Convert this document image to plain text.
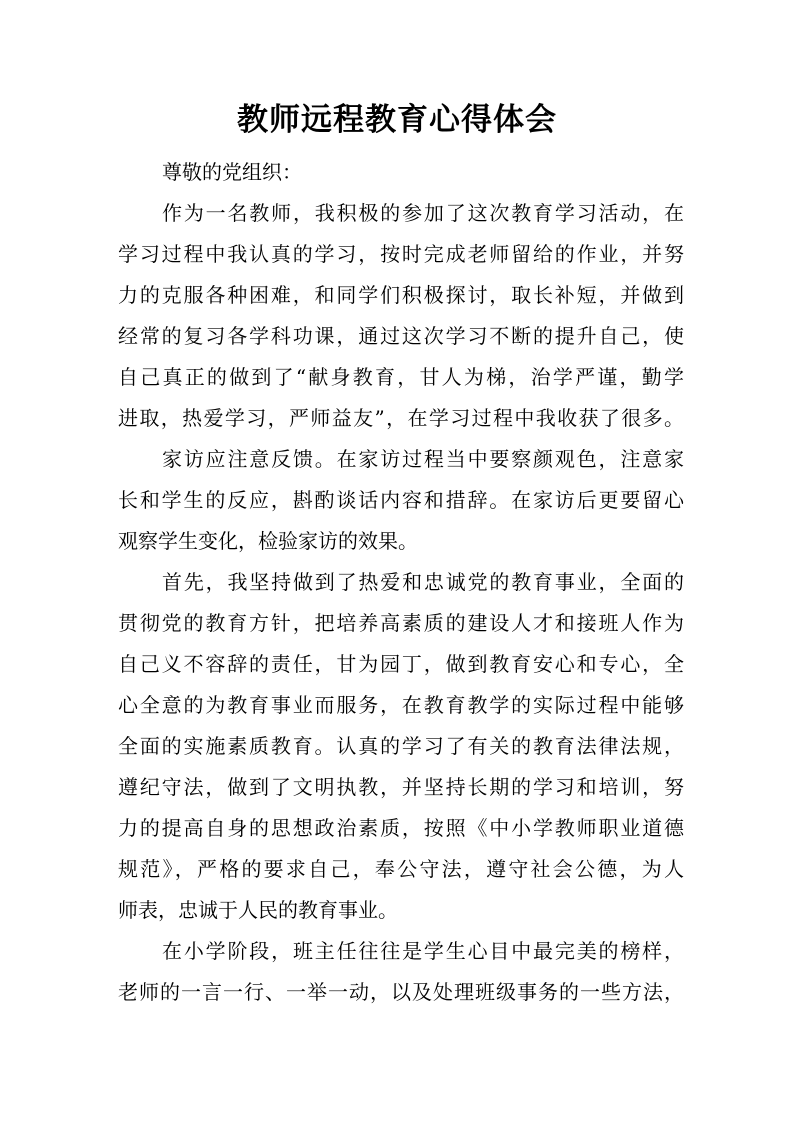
教师远程教育心得体会
尊敬的党组织：
作为一名教师，我积极的参加了这次教育学习活动，在
学习过程中我认真的学习，按时完成老师留给的作业，并努
力的克服各种困难，和同学们积极探讨，取长补短，并做到
经常的复习各学科功课，通过这次学习不断的提升自己，使
自己真正的做到了“献身教育，甘人为梯，治学严谨，勤学
进取，热爱学习，严师益友”，在学习过程中我收获了很多。
家访应注意反馈。在家访过程当中要察颜观色，注意家
长和学生的反应，斟酌谈话内容和措辞。在家访后更要留心
观察学生变化，检验家访的效果。
首先，我坚持做到了热爱和忠诚党的教育事业，全面的
贯彻党的教育方针，把培养高素质的建设人才和接班人作为
自己义不容辞的责任，甘为园丁，做到教育安心和专心，全
心全意的为教育事业而服务，在教育教学的实际过程中能够
全面的实施素质教育。认真的学习了有关的教育法律法规，
遵纪守法，做到了文明执教，并坚持长期的学习和培训，努
力的提高自身的思想政治素质，按照《中小学教师职业道德
规范》，严格的要求自己，奉公守法，遵守社会公德，为人
师表，忠诚于人民的教育事业。
在小学阶段，班主任往往是学生心目中最完美的榜样，
老师的一言一行、一举一动，以及处理班级事务的一些方法，
